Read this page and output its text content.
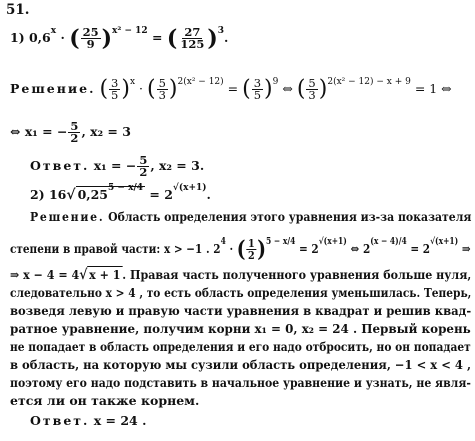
51.
1) $0,6^x$ · ( $\frac{25}{9} )^{x^2 - 12}$ = ( $\frac{27}{125} )^3$.
Решение. ( $\frac{3}{5} )^x$ · ( $\frac{5}{3} )^{2(x^2 - 12)}$ = ( $\frac{3}{5} )^9$ ⇔ ( $\frac{5}{3} )^{2(x^2 - 12) - x + 9} = 1$ ⇔
⇔ x₁ = − $\frac{5}{2}$ , x₂ = 3
Ответ. x₁ = − $\frac{5}{2}$ , x₂ = 3.
2) 16√ $0,25^{5 - x/4} = 2^{√(x+1)}$.
Решение. Область определения этого уравнения из-за показателя
степени в правой части: x > −1 . $2^4$ · ( $\frac{1}{2} )^{5 - x/4} = 2^{√(x+1)}$ ⇔ $2^{(x - 4)/4} = 2^{√(x+1)}$ ⇒
⇒ x − 4 = 4√ x + 1 . Правая часть полученного уравнения больше нуля,
следовательно x > 4 , то есть область определения уменьшилась. Теперь,
возведя левую и правую части уравнения в квадрат и решив квад-
ратное уравнение, получим корни x₁ = 0, x₂ = 24 . Первый корень
не попадает в область определения и его надо отбросить, но он попадает
в область, на которую мы сузили область определения, −1 < x < 4 ,
поэтому его надо подставить в начальное уравнение и узнать, не явля-
ется ли он также корнем.
Ответ. x = 24 .
